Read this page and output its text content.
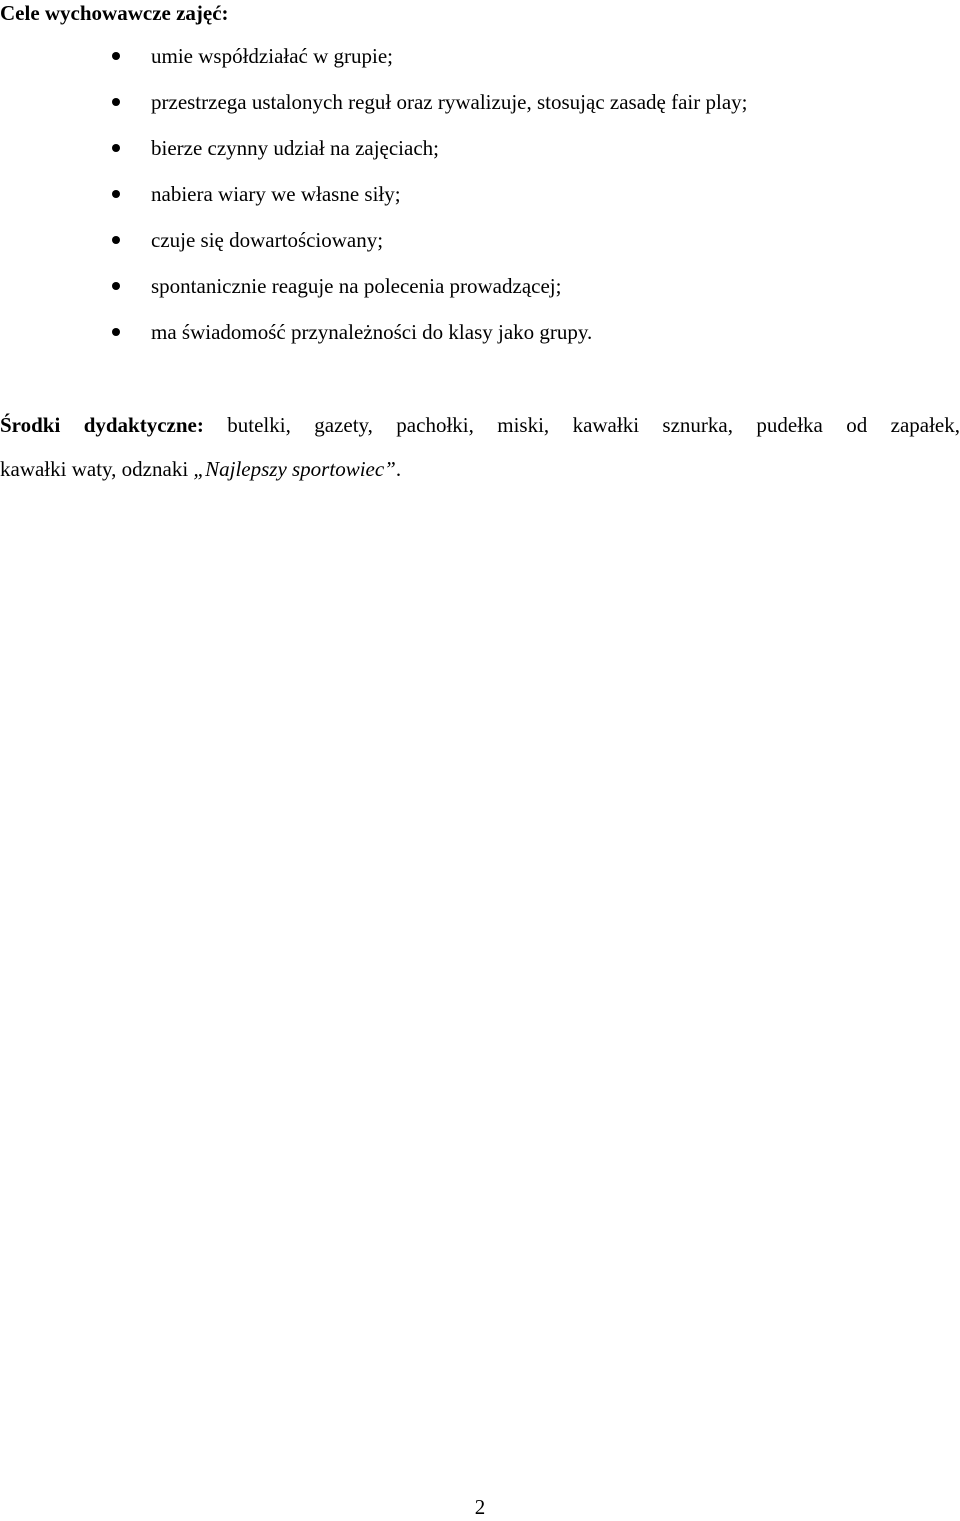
Cele wychowawcze zajęć:
umie współdziałać w grupie;
przestrzega ustalonych reguł oraz rywalizuje, stosując zasadę fair play;
bierze czynny udział na zajęciach;
nabiera wiary we własne siły;
czuje się dowartościowany;
spontanicznie reaguje na polecenia prowadzącej;
ma świadomość przynależności do klasy jako grupy.
Środki dydaktyczne: butelki, gazety, pachołki, miski, kawałki sznurka, pudełka od zapałek,
kawałki waty, odznaki „Najlepszy sportowiec”.
2
